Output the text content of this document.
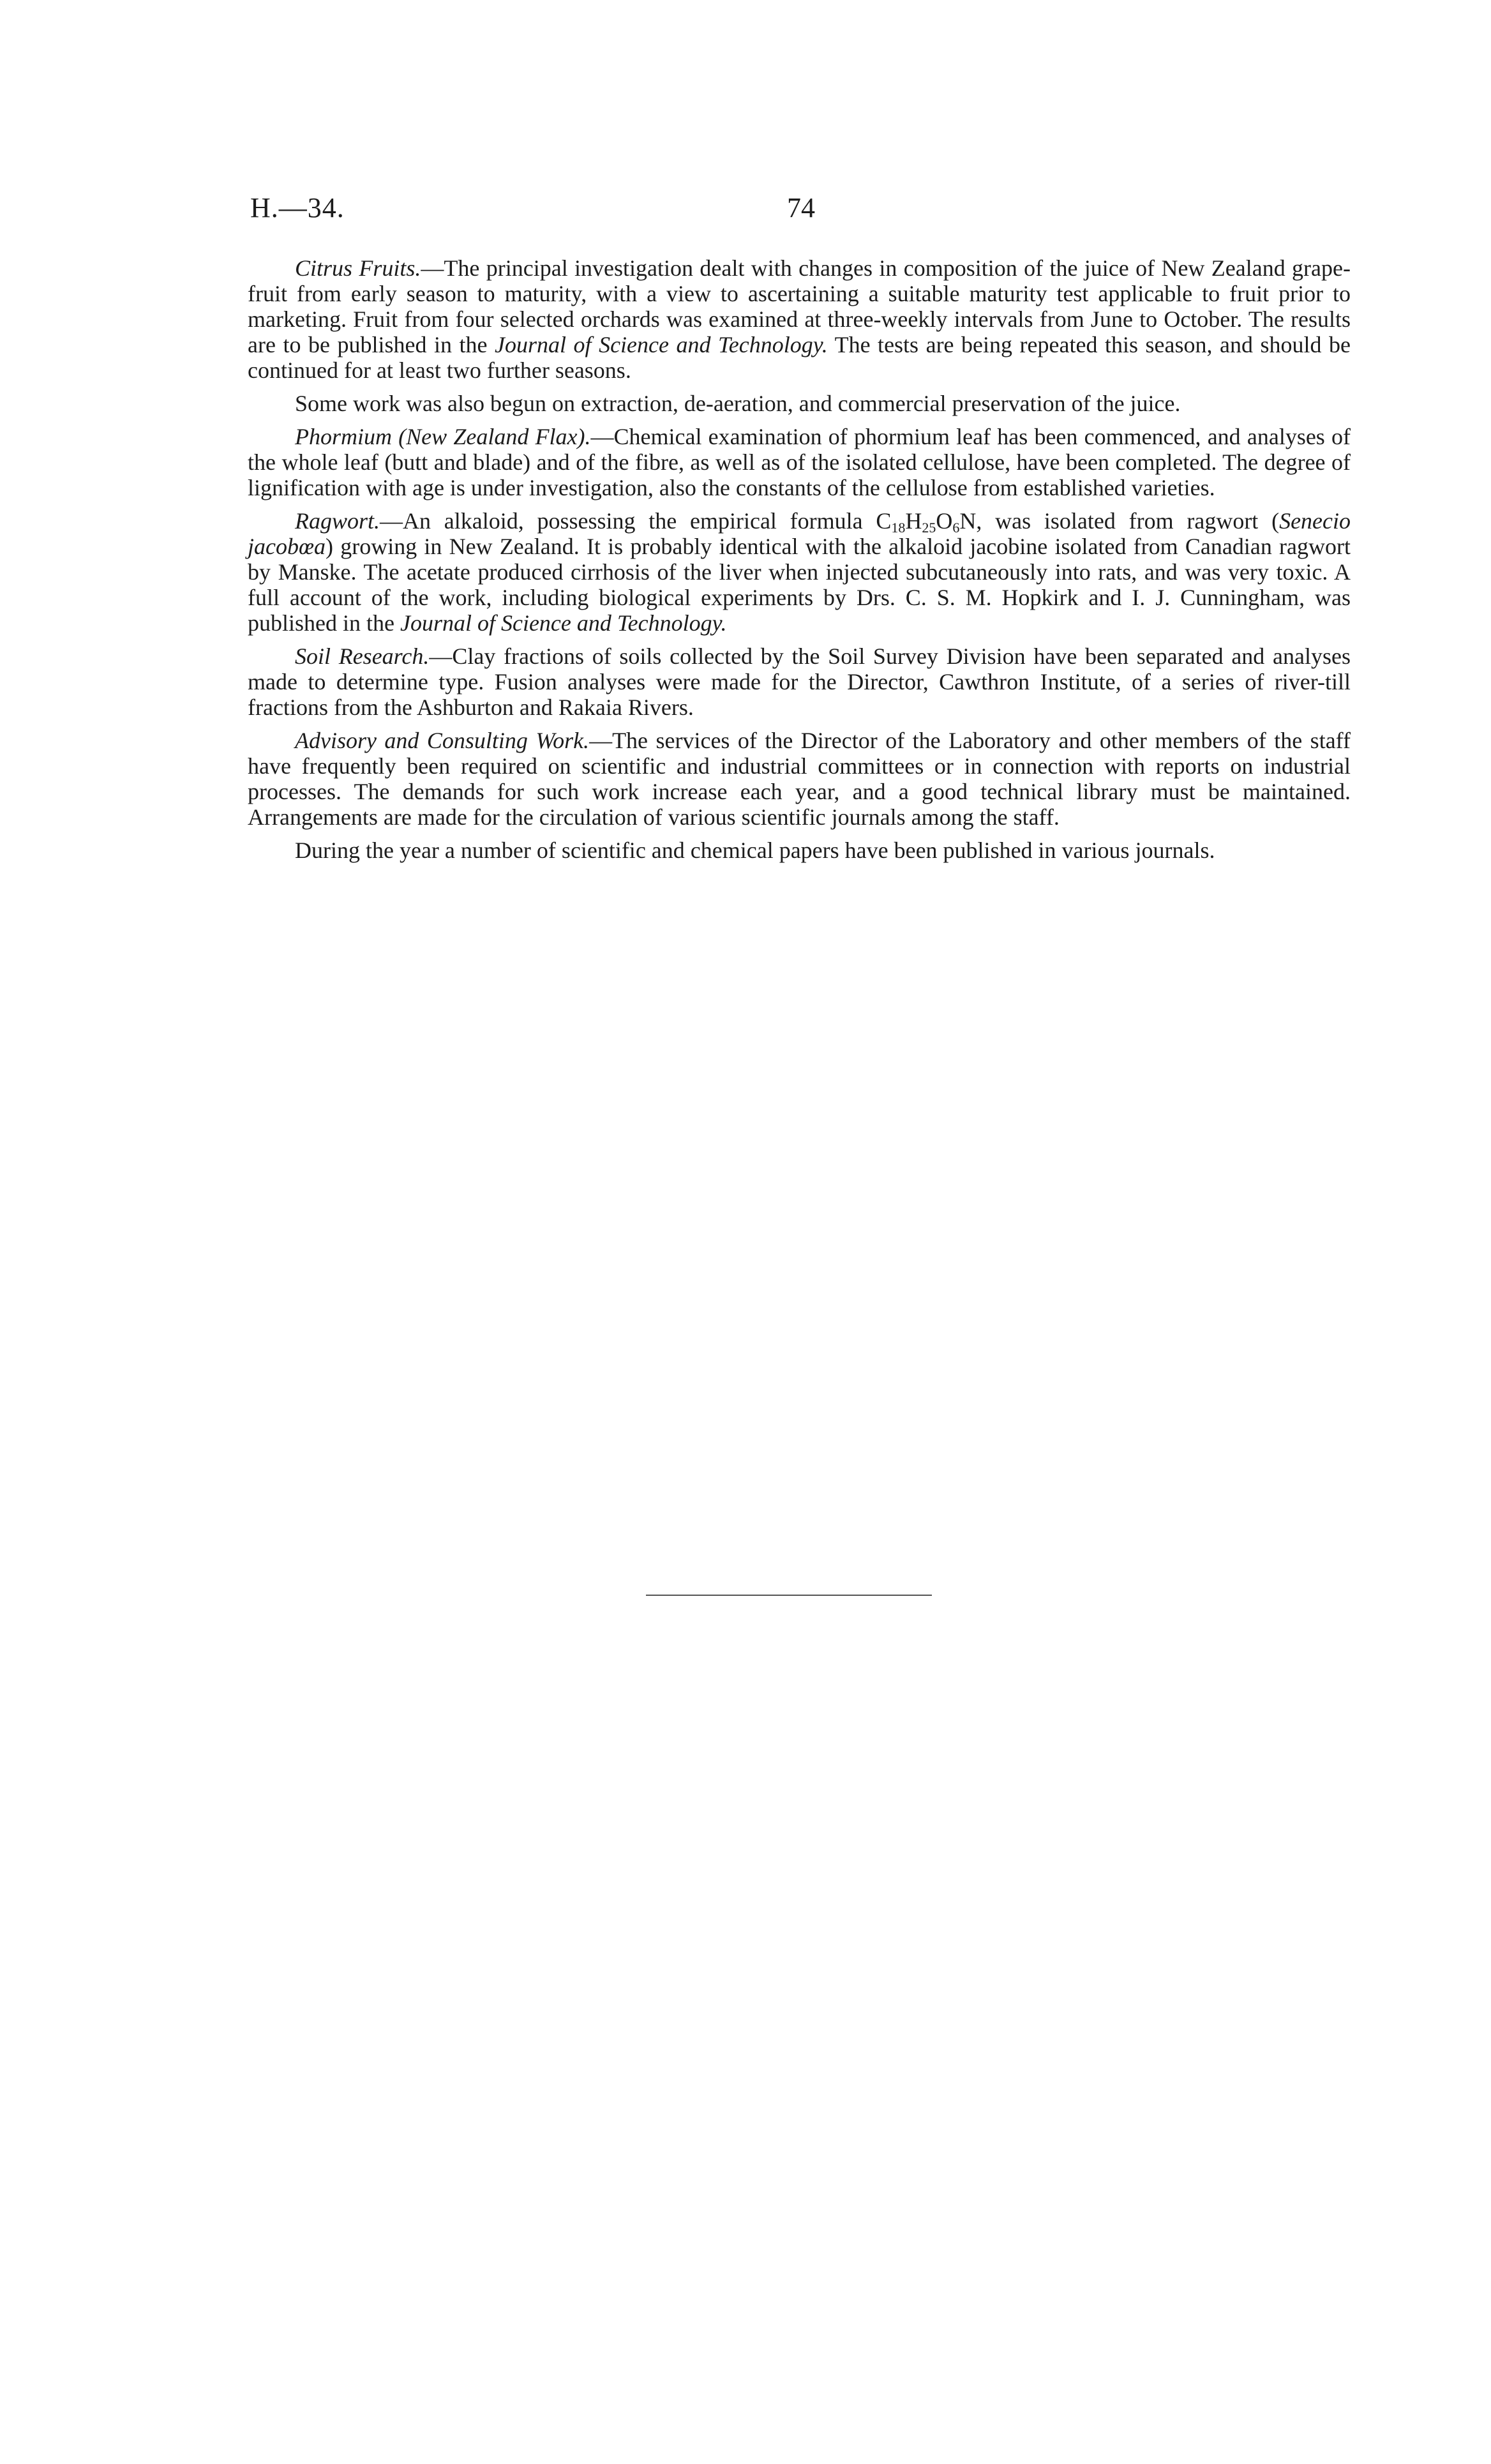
H.—34.	74

Citrus Fruits.—The principal investigation dealt with changes in composition of the juice of New Zealand grape-fruit from early season to maturity, with a view to ascertaining a suitable maturity test applicable to fruit prior to marketing. Fruit from four selected orchards was examined at three-weekly intervals from June to October. The results are to be published in the Journal of Science and Technology. The tests are being repeated this season, and should be continued for at least two further seasons.

Some work was also begun on extraction, de-aeration, and commercial preservation of the juice.

Phormium (New Zealand Flax).—Chemical examination of phormium leaf has been commenced, and analyses of the whole leaf (butt and blade) and of the fibre, as well as of the isolated cellulose, have been completed. The degree of lignification with age is under investigation, also the constants of the cellulose from established varieties.

Ragwort.—An alkaloid, possessing the empirical formula $C_{18}H_{25}O_6N$, was isolated from ragwort (Senecio jacobœa) growing in New Zealand. It is probably identical with the alkaloid jacobine isolated from Canadian ragwort by Manske. The acetate produced cirrhosis of the liver when injected subcutaneously into rats, and was very toxic. A full account of the work, including biological experiments by Drs. C. S. M. Hopkirk and I. J. Cunningham, was published in the Journal of Science and Technology.

Soil Research.—Clay fractions of soils collected by the Soil Survey Division have been separated and analyses made to determine type. Fusion analyses were made for the Director, Cawthron Institute, of a series of river-till fractions from the Ashburton and Rakaia Rivers.

Advisory and Consulting Work.—The services of the Director of the Laboratory and other members of the staff have frequently been required on scientific and industrial committees or in connection with reports on industrial processes. The demands for such work increase each year, and a good technical library must be maintained. Arrangements are made for the circulation of various scientific journals among the staff.

During the year a number of scientific and chemical papers have been published in various journals.
